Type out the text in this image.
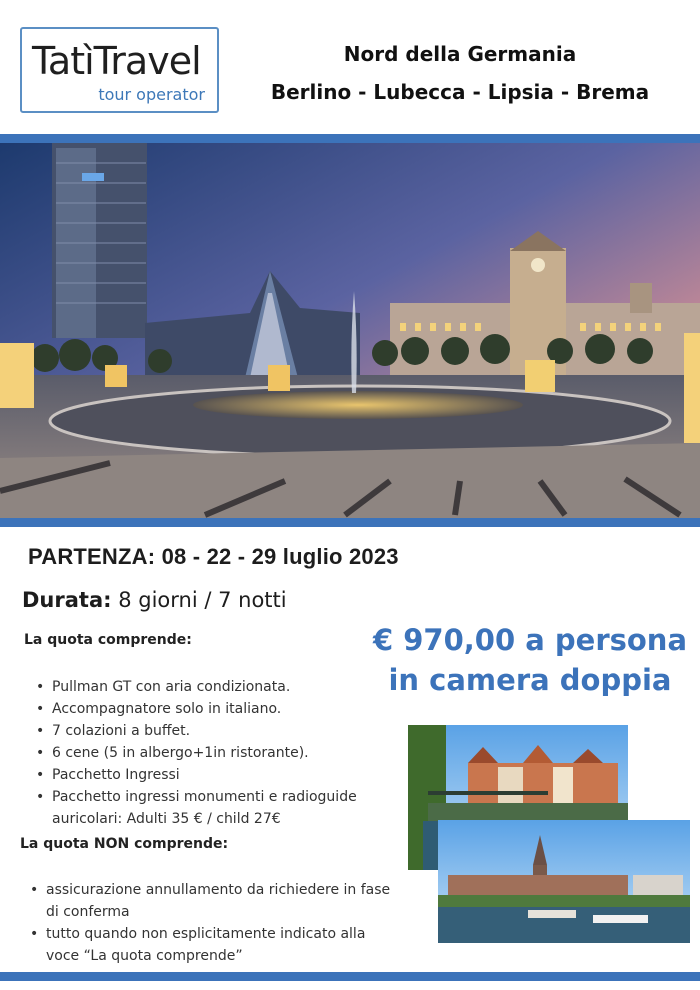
TatìTravel
tour operator
Nord della Germania
Berlino - Lubecca - Lipsia - Brema
PARTENZA: 08 - 22 - 29 luglio 2023
Durata: 8 giorni / 7 notti
€ 970,00 a persona
in camera doppia
La quota comprende:
• Pullman GT con aria condizionata.
• Accompagnatore solo in italiano.
• 7 colazioni a buffet.
• 6 cene (5 in albergo+1in ristorante).
• Pacchetto Ingressi
• Pacchetto ingressi monumenti e radioguide auricolari: Adulti 35 € / child 27€
La quota NON comprende:
• assicurazione annullamento da richiedere in fase di conferma
• tutto quando non esplicitamente indicato alla voce “La quota comprende”
